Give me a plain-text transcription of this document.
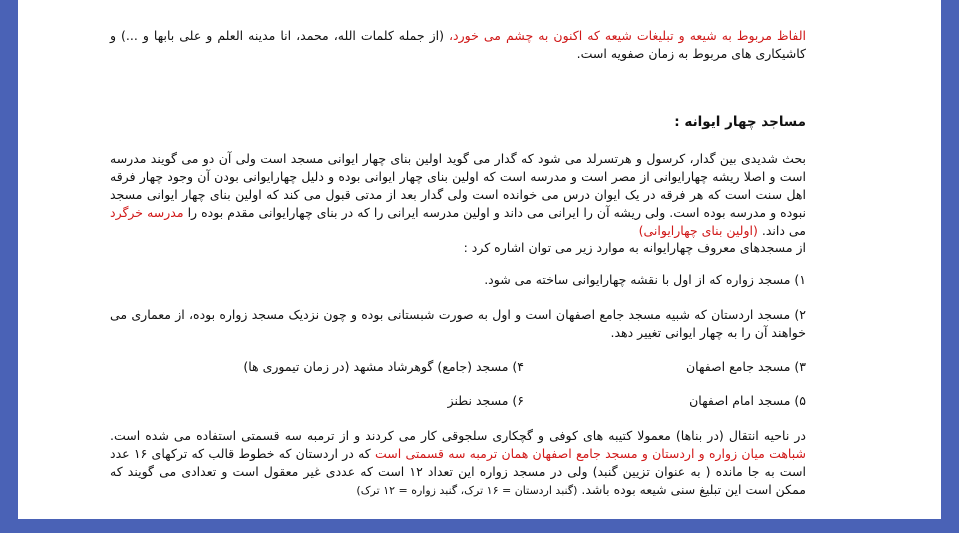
الفاظ مربوط به شیعه و تبلیغات شیعه که اکنون به چشم می خورد، (از جمله کلمات الله، محمد، انا مدینه العلم و علی بابها و ...) و کاشیکاری های مربوط به زمان صفویه است.

مساجد چهار ایوانه :

بحث شدیدی بین گدار، کرسول و هرتسرلد می شود که گدار می گوید اولین بنای چهار ایوانی مسجد است ولی آن دو می گویند مدرسه است و اصلا ریشه چهارایوانی از مصر است و مدرسه است که اولین بنای چهار ایوانی بوده و دلیل چهارایوانی بودن آن وجود چهار فرقه اهل سنت است که هر فرقه در یک ایوان درس می خوانده است ولی گدار بعد از مدتی قبول می کند که اولین بنای چهار ایوانی مسجد نبوده و مدرسه بوده است. ولی ریشه آن را ایرانی می داند و اولین مدرسه ایرانی را که در بنای چهارایوانی مقدم بوده را مدرسه خرگرد می داند. (اولین بنای چهارایوانی)

از مسجدهای معروف چهارایوانه به موارد زیر می توان اشاره کرد :

۱) مسجد زواره که از اول با نقشه چهارایوانی ساخته می شود.

۲) مسجد اردستان که شبیه مسجد جامع اصفهان است و اول به صورت شبستانی بوده و چون نزدیک مسجد زواره بوده، از معماری می خواهند آن را به چهار ایوانی تغییر دهد.

۳) مسجد جامع اصفهان
۴) مسجد (جامع) گوهرشاد مشهد (در زمان تیموری ها)
۵) مسجد امام اصفهان
۶) مسجد نطنز

در ناحیه انتقال (در بناها) معمولا کتیبه های کوفی و گچکاری سلجوقی کار می کردند و از ترمبه سه قسمتی استفاده می شده است. شباهت میان زواره و اردستان و مسجد جامع اصفهان همان ترمبه سه قسمتی است که در اردستان که خطوط قالب که ترکهای ۱۶ عدد است به جا مانده ( به عنوان تزیین گنبد) ولی در مسجد زواره این تعداد ۱۲ است که عددی غیر معقول است و تعدادی می گویند که ممکن است این تبلیغ سنی شیعه بوده باشد. (گنبد اردستان = ۱۶ ترک، گنبد زواره = ۱۲ ترک)
